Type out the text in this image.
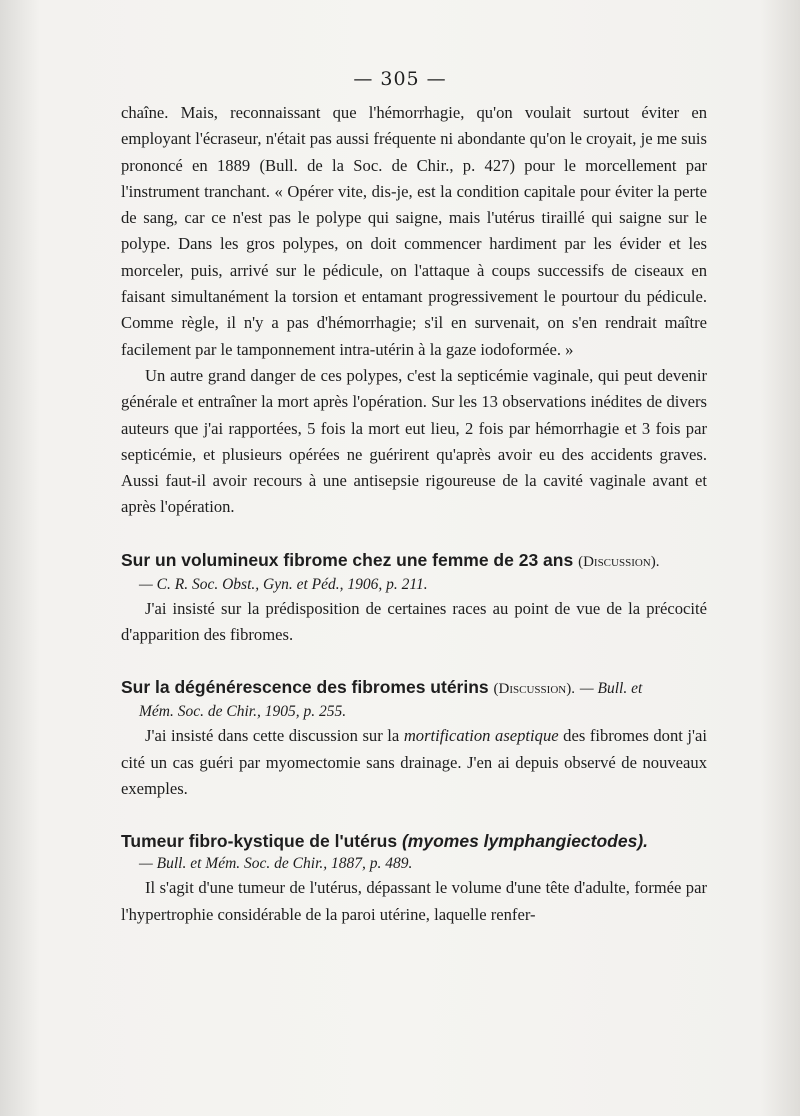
— 305 —

chaîne. Mais, reconnaissant que l'hémorrhagie, qu'on voulait surtout éviter en employant l'écraseur, n'était pas aussi fréquente ni abondante qu'on le croyait, je me suis prononcé en 1889 (Bull. de la Soc. de Chir., p. 427) pour le morcellement par l'instrument tranchant. « Opérer vite, dis-je, est la condition capitale pour éviter la perte de sang, car ce n'est pas le polype qui saigne, mais l'utérus tiraillé qui saigne sur le polype. Dans les gros polypes, on doit commencer hardiment par les évider et les morceler, puis, arrivé sur le pédicule, on l'attaque à coups successifs de ciseaux en faisant simultanément la torsion et entamant progressivement le pourtour du pédicule. Comme règle, il n'y a pas d'hémorrhagie; s'il en survenait, on s'en rendrait maître facilement par le tamponnement intra-utérin à la gaze iodoformée. »

Un autre grand danger de ces polypes, c'est la septicémie vaginale, qui peut devenir générale et entraîner la mort après l'opération. Sur les 13 observations inédites de divers auteurs que j'ai rapportées, 5 fois la mort eut lieu, 2 fois par hémorrhagie et 3 fois par septicémie, et plusieurs opérées ne guérirent qu'après avoir eu des accidents graves. Aussi faut-il avoir recours à une antisepsie rigoureuse de la cavité vaginale avant et après l'opération.

Sur un volumineux fibrome chez une femme de 23 ans (Discussion).
— C. R. Soc. Obst., Gyn. et Péd., 1906, p. 211.

J'ai insisté sur la prédisposition de certaines races au point de vue de la précocité d'apparition des fibromes.

Sur la dégénérescence des fibromes utérins (Discussion). — Bull. et
Mém. Soc. de Chir., 1905, p. 255.

J'ai insisté dans cette discussion sur la mortification aseptique des fibromes dont j'ai cité un cas guéri par myomectomie sans drainage. J'en ai depuis observé de nouveaux exemples.

Tumeur fibro-kystique de l'utérus (myomes lymphangiectodes).
— Bull. et Mém. Soc. de Chir., 1887, p. 489.

Il s'agit d'une tumeur de l'utérus, dépassant le volume d'une tête d'adulte, formée par l'hypertrophie considérable de la paroi utérine, laquelle renfer-
